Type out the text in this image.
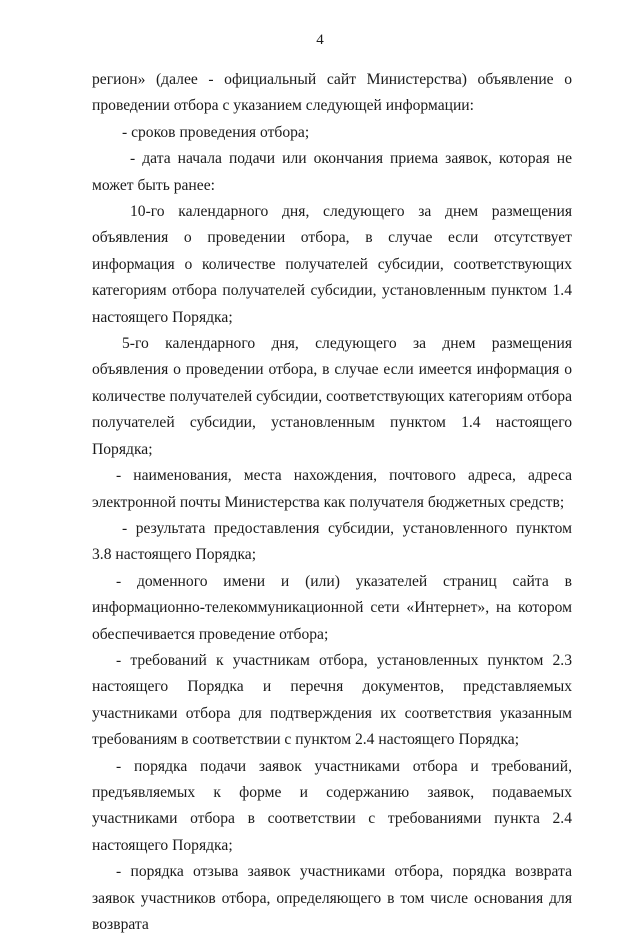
4

регион» (далее - официальный сайт Министерства) объявление о проведении отбора с указанием следующей информации:

- сроков проведения отбора;

- дата начала подачи или окончания приема заявок, которая не может быть ранее:

10-го календарного дня, следующего за днем размещения объявления о проведении отбора, в случае если отсутствует информация о количестве получателей субсидии, соответствующих категориям отбора получателей субсидии, установленным пунктом 1.4 настоящего Порядка;

5-го календарного дня, следующего за днем размещения объявления о проведении отбора, в случае если имеется информация о количестве получателей субсидии, соответствующих категориям отбора получателей субсидии, установленным пунктом 1.4 настоящего Порядка;

- наименования, места нахождения, почтового адреса, адреса электронной почты Министерства как получателя бюджетных средств;

- результата предоставления субсидии, установленного пунктом 3.8 настоящего Порядка;

- доменного имени и (или) указателей страниц сайта в информационно-телекоммуникационной сети «Интернет», на котором обеспечивается проведение отбора;

- требований к участникам отбора, установленных пунктом 2.3 настоящего Порядка и перечня документов, представляемых участниками отбора для подтверждения их соответствия указанным требованиям в соответствии с пунктом 2.4 настоящего Порядка;

- порядка подачи заявок участниками отбора и требований, предъявляемых к форме и содержанию заявок, подаваемых участниками отбора в соответствии с требованиями пункта 2.4 настоящего Порядка;

- порядка отзыва заявок участниками отбора, порядка возврата заявок участников отбора, определяющего в том числе основания для возврата
